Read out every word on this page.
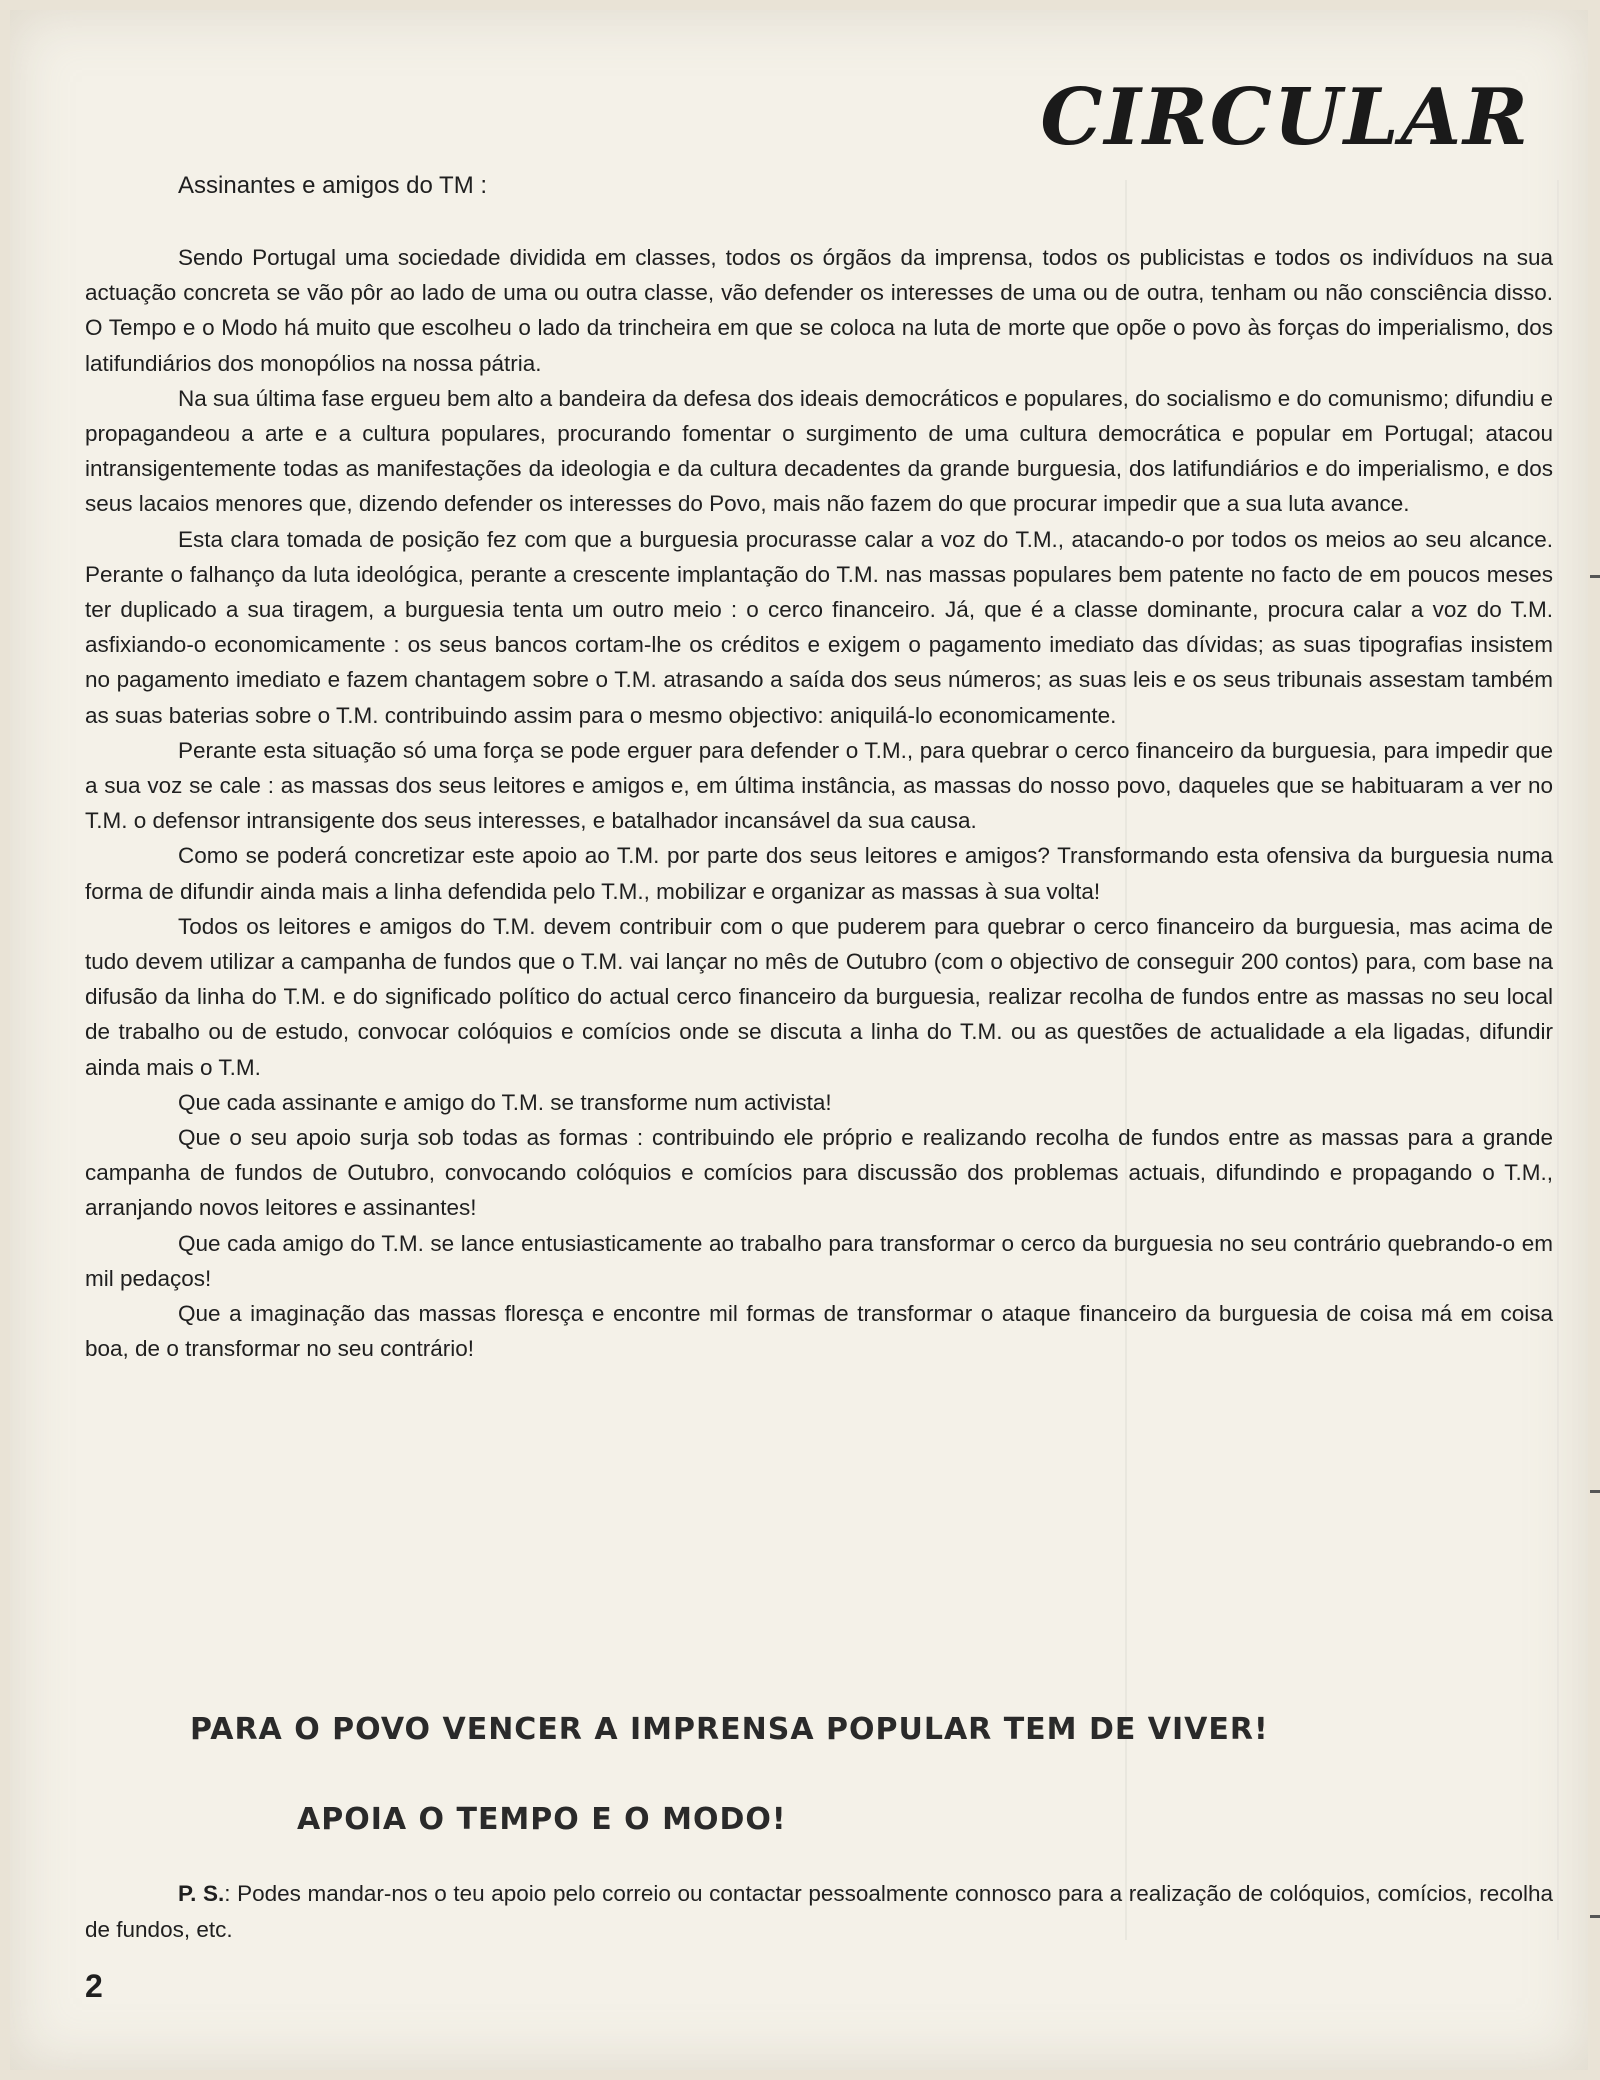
CIRCULAR
Assinantes e amigos do TM :

Sendo Portugal uma sociedade dividida em classes, todos os órgãos da imprensa, todos os publicistas e todos os indivíduos na sua actuação concreta se vão pôr ao lado de uma ou outra classe, vão defender os interesses de uma ou de outra, tenham ou não consciência disso. O Tempo e o Modo há muito que escolheu o lado da trincheira em que se coloca na luta de morte que opõe o povo às forças do imperialismo, dos latifundiários dos monopólios na nossa pátria.

Na sua última fase ergueu bem alto a bandeira da defesa dos ideais democráticos e populares, do socialismo e do comunismo; difundiu e propagandeou a arte e a cultura populares, procurando fomentar o surgimento de uma cultura democrática e popular em Portugal; atacou intransigentemente todas as manifestações da ideologia e da cultura decadentes da grande burguesia, dos latifundiários e do imperialismo, e dos seus lacaios menores que, dizendo defender os interesses do Povo, mais não fazem do que procurar impedir que a sua luta avance.

Esta clara tomada de posição fez com que a burguesia procurasse calar a voz do T.M., atacando-o por todos os meios ao seu alcance. Perante o falhanço da luta ideológica, perante a crescente implantação do T.M. nas massas populares bem patente no facto de em poucos meses ter duplicado a sua tiragem, a burguesia tenta um outro meio : o cerco financeiro. Já, que é a classe dominante, procura calar a voz do T.M. asfixiando-o economicamente : os seus bancos cortam-lhe os créditos e exigem o pagamento imediato das dívidas; as suas tipografias insistem no pagamento imediato e fazem chantagem sobre o T.M. atrasando a saída dos seus números; as suas leis e os seus tribunais assestam também as suas baterias sobre o T.M. contribuindo assim para o mesmo objectivo: aniquilá-lo economicamente.

Perante esta situação só uma força se pode erguer para defender o T.M., para quebrar o cerco financeiro da burguesia, para impedir que a sua voz se cale : as massas dos seus leitores e amigos e, em última instância, as massas do nosso povo, daqueles que se habituaram a ver no T.M. o defensor intransigente dos seus interesses, e batalhador incansável da sua causa.

Como se poderá concretizar este apoio ao T.M. por parte dos seus leitores e amigos? Transformando esta ofensiva da burguesia numa forma de difundir ainda mais a linha defendida pelo T.M., mobilizar e organizar as massas à sua volta!

Todos os leitores e amigos do T.M. devem contribuir com o que puderem para quebrar o cerco financeiro da burguesia, mas acima de tudo devem utilizar a campanha de fundos que o T.M. vai lançar no mês de Outubro (com o objectivo de conseguir 200 contos) para, com base na difusão da linha do T.M. e do significado político do actual cerco financeiro da burguesia, realizar recolha de fundos entre as massas no seu local de trabalho ou de estudo, convocar colóquios e comícios onde se discuta a linha do T.M. ou as questões de actualidade a ela ligadas, difundir ainda mais o T.M.

Que cada assinante e amigo do T.M. se transforme num activista!

Que o seu apoio surja sob todas as formas : contribuindo ele próprio e realizando recolha de fundos entre as massas para a grande campanha de fundos de Outubro, convocando colóquios e comícios para discussão dos problemas actuais, difundindo e propagando o T.M., arranjando novos leitores e assinantes!

Que cada amigo do T.M. se lance entusiasticamente ao trabalho para transformar o cerco da burguesia no seu contrário quebrando-o em mil pedaços!

Que a imaginação das massas floresça e encontre mil formas de transformar o ataque financeiro da burguesia de coisa má em coisa boa, de o transformar no seu contrário!

PARA O POVO VENCER A IMPRENSA POPULAR TEM DE VIVER!
APOIA O TEMPO E O MODO!
P. S.: Podes mandar-nos o teu apoio pelo correio ou contactar pessoalmente connosco para a realização de colóquios, comícios, recolha de fundos, etc.
2
